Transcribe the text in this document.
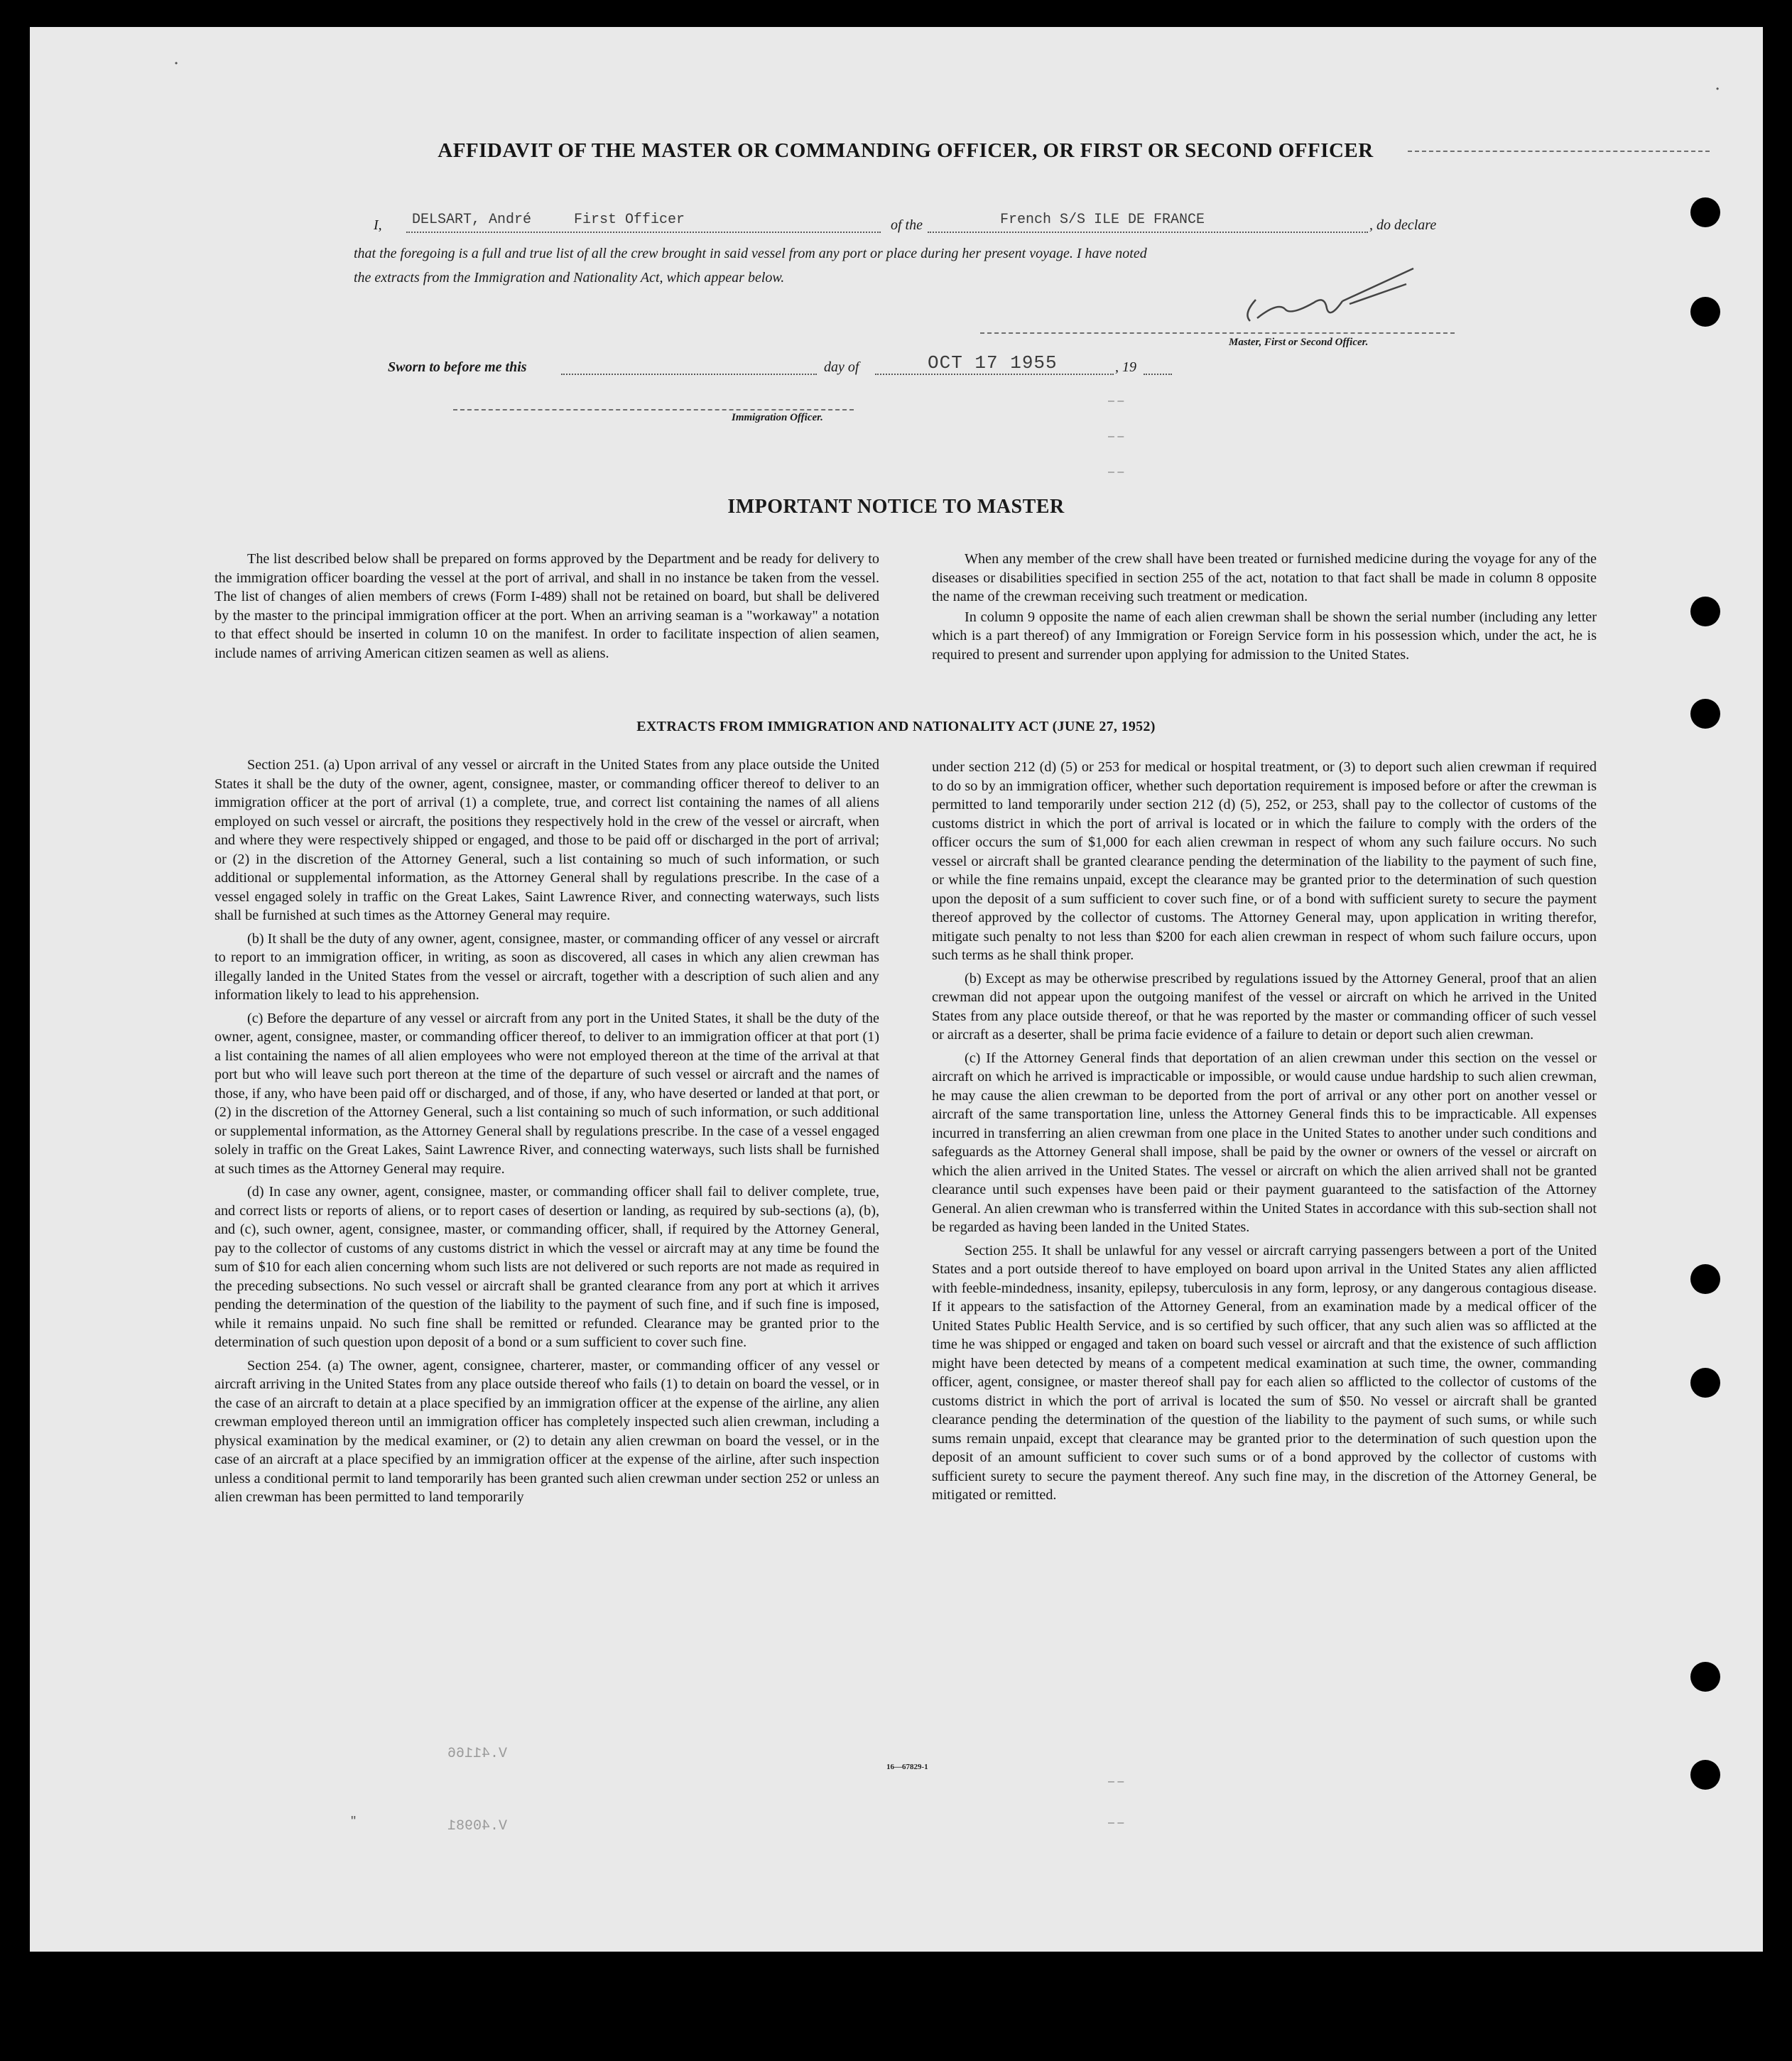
AFFIDAVIT OF THE MASTER OR COMMANDING OFFICER, OR FIRST OR SECOND OFFICER
I, DELSART, André     First Officer	of the	French S/S ILE DE FRANCE	, do declare
that the foregoing is a full and true list of all the crew brought in said vessel from any port or place during her present voyage. I have noted
the extracts from the Immigration and Nationality Act, which appear below.
Master, First or Second Officer.
Sworn to before me this	day of	OCT 17 1955	, 19
Immigration Officer.
IMPORTANT NOTICE TO MASTER

The list described below shall be prepared on forms approved by the Department and be ready for delivery to the immigration officer boarding the vessel at the port of arrival, and shall in no instance be taken from the vessel. The list of changes of alien members of crews (Form I-489) shall not be retained on board, but shall be delivered by the master to the principal immigration officer at the port. When an arriving seaman is a "workaway" a notation to that effect should be inserted in column 10 on the manifest. In order to facilitate inspection of alien seamen, include names of arriving American citizen seamen as well as aliens.

When any member of the crew shall have been treated or furnished medicine during the voyage for any of the diseases or disabilities specified in section 255 of the act, notation to that fact shall be made in column 8 opposite the name of the crewman receiving such treatment or medication.

In column 9 opposite the name of each alien crewman shall be shown the serial number (including any letter which is a part thereof) of any Immigration or Foreign Service form in his possession which, under the act, he is required to present and surrender upon applying for admission to the United States.

EXTRACTS FROM IMMIGRATION AND NATIONALITY ACT (JUNE 27, 1952)

Section 251. (a) Upon arrival of any vessel or aircraft in the United States from any place outside the United States it shall be the duty of the owner, agent, consignee, master, or commanding officer thereof to deliver to an immigration officer at the port of arrival (1) a complete, true, and correct list containing the names of all aliens employed on such vessel or aircraft, the positions they respectively hold in the crew of the vessel or aircraft, when and where they were respectively shipped or engaged, and those to be paid off or discharged in the port of arrival; or (2) in the discretion of the Attorney General, such a list containing so much of such information, or such additional or supplemental information, as the Attorney General shall by regulations prescribe. In the case of a vessel engaged solely in traffic on the Great Lakes, Saint Lawrence River, and connecting waterways, such lists shall be furnished at such times as the Attorney General may require.

(b) It shall be the duty of any owner, agent, consignee, master, or commanding officer of any vessel or aircraft to report to an immigration officer, in writing, as soon as discovered, all cases in which any alien crewman has illegally landed in the United States from the vessel or aircraft, together with a description of such alien and any information likely to lead to his apprehension.

(c) Before the departure of any vessel or aircraft from any port in the United States, it shall be the duty of the owner, agent, consignee, master, or commanding officer thereof, to deliver to an immigration officer at that port (1) a list containing the names of all alien employees who were not employed thereon at the time of the arrival at that port but who will leave such port thereon at the time of the departure of such vessel or aircraft and the names of those, if any, who have been paid off or discharged, and of those, if any, who have deserted or landed at that port, or (2) in the discretion of the Attorney General, such a list containing so much of such information, or such additional or supplemental information, as the Attorney General shall by regulations prescribe. In the case of a vessel engaged solely in traffic on the Great Lakes, Saint Lawrence River, and connecting waterways, such lists shall be furnished at such times as the Attorney General may require.

(d) In case any owner, agent, consignee, master, or commanding officer shall fail to deliver complete, true, and correct lists or reports of aliens, or to report cases of desertion or landing, as required by sub-sections (a), (b), and (c), such owner, agent, consignee, master, or commanding officer, shall, if required by the Attorney General, pay to the collector of customs of any customs district in which the vessel or aircraft may at any time be found the sum of $10 for each alien concerning whom such lists are not delivered or such reports are not made as required in the preceding subsections. No such vessel or aircraft shall be granted clearance from any port at which it arrives pending the determination of the question of the liability to the payment of such fine, and if such fine is imposed, while it remains unpaid. No such fine shall be remitted or refunded. Clearance may be granted prior to the determination of such question upon deposit of a bond or a sum sufficient to cover such fine.

Section 254. (a) The owner, agent, consignee, charterer, master, or commanding officer of any vessel or aircraft arriving in the United States from any place outside thereof who fails (1) to detain on board the vessel, or in the case of an aircraft to detain at a place specified by an immigration officer at the expense of the airline, any alien crewman employed thereon until an immigration officer has completely inspected such alien crewman, including a physical examination by the medical examiner, or (2) to detain any alien crewman on board the vessel, or in the case of an aircraft at a place specified by an immigration officer at the expense of the airline, after such inspection unless a conditional permit to land temporarily has been granted such alien crewman under section 252 or unless an alien crewman has been permitted to land temporarily

under section 212 (d) (5) or 253 for medical or hospital treatment, or (3) to deport such alien crewman if required to do so by an immigration officer, whether such deportation requirement is imposed before or after the crewman is permitted to land temporarily under section 212 (d) (5), 252, or 253, shall pay to the collector of customs of the customs district in which the port of arrival is located or in which the failure to comply with the orders of the officer occurs the sum of $1,000 for each alien crewman in respect of whom any such failure occurs. No such vessel or aircraft shall be granted clearance pending the determination of the liability to the payment of such fine, or while the fine remains unpaid, except the clearance may be granted prior to the determination of such question upon the deposit of a sum sufficient to cover such fine, or of a bond with sufficient surety to secure the payment thereof approved by the collector of customs. The Attorney General may, upon application in writing therefor, mitigate such penalty to not less than $200 for each alien crewman in respect of whom such failure occurs, upon such terms as he shall think proper.

(b) Except as may be otherwise prescribed by regulations issued by the Attorney General, proof that an alien crewman did not appear upon the outgoing manifest of the vessel or aircraft on which he arrived in the United States from any place outside thereof, or that he was reported by the master or commanding officer of such vessel or aircraft as a deserter, shall be prima facie evidence of a failure to detain or deport such alien crewman.

(c) If the Attorney General finds that deportation of an alien crewman under this section on the vessel or aircraft on which he arrived is impracticable or impossible, or would cause undue hardship to such alien crewman, he may cause the alien crewman to be deported from the port of arrival or any other port on another vessel or aircraft of the same transportation line, unless the Attorney General finds this to be impracticable. All expenses incurred in transferring an alien crewman from one place in the United States to another under such conditions and safeguards as the Attorney General shall impose, shall be paid by the owner or owners of the vessel or aircraft on which the alien arrived in the United States. The vessel or aircraft on which the alien arrived shall not be granted clearance until such expenses have been paid or their payment guaranteed to the satisfaction of the Attorney General. An alien crewman who is transferred within the United States in accordance with this sub-section shall not be regarded as having been landed in the United States.

Section 255. It shall be unlawful for any vessel or aircraft carrying passengers between a port of the United States and a port outside thereof to have employed on board upon arrival in the United States any alien afflicted with feeble-mindedness, insanity, epilepsy, tuberculosis in any form, leprosy, or any dangerous contagious disease. If it appears to the satisfaction of the Attorney General, from an examination made by a medical officer of the United States Public Health Service, and is so certified by such officer, that any such alien was so afflicted at the time he was shipped or engaged and taken on board such vessel or aircraft and that the existence of such affliction might have been detected by means of a competent medical examination at such time, the owner, commanding officer, agent, consignee, or master thereof shall pay for each alien so afflicted to the collector of customs of the customs district in which the port of arrival is located the sum of $50. No vessel or aircraft shall be granted clearance pending the determination of the question of the liability to the payment of such sums, or while such sums remain unpaid, except that clearance may be granted prior to the determination of such question upon the deposit of an amount sufficient to cover such sums or of a bond approved by the collector of customs with sufficient surety to secure the payment thereof. Any such fine may, in the discretion of the Attorney General, be mitigated or remitted.

16—67829-1
V.41166
V.40981
– –
– –
– –
– –
– –
"
•
•
